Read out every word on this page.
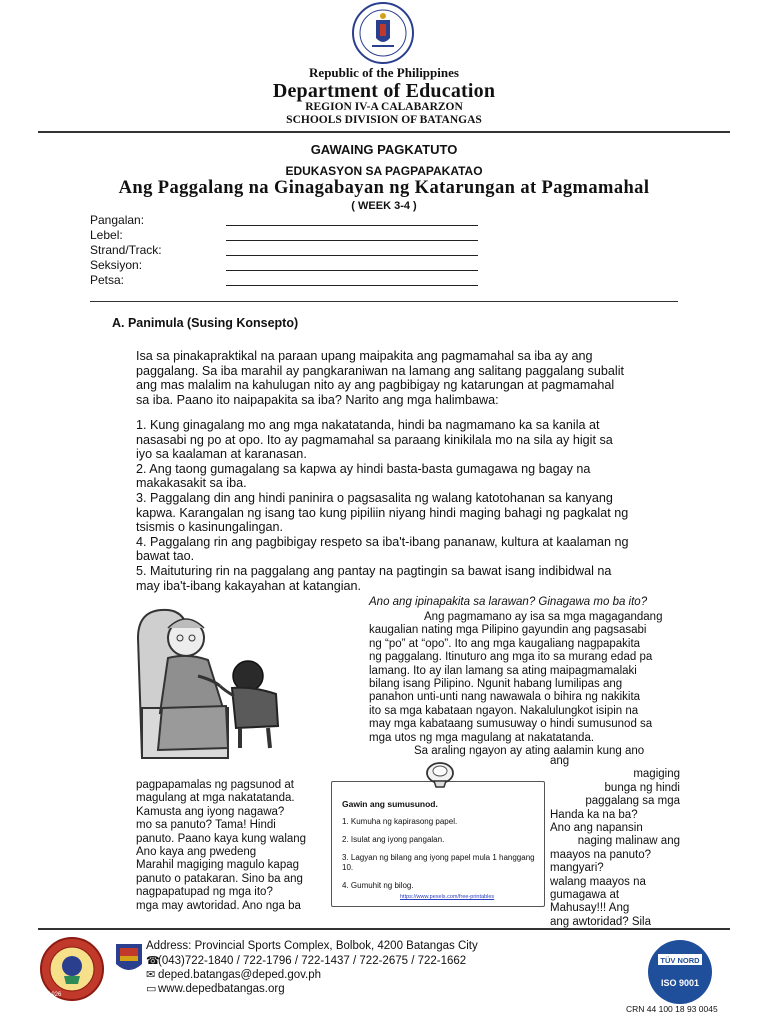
Republic of the Philippines
Department of Education
REGION IV-A CALABARZON
SCHOOLS DIVISION OF BATANGAS
GAWAING PAGKATUTO
EDUKASYON SA PAGPAPAKATAO
Ang Paggalang na Ginagabayan ng Katarungan at Pagmamahal
( WEEK 3-4 )
Pangalan:
Lebel:
Strand/Track:
Seksiyon:
Petsa:
A. Panimula (Susing Konsepto)

Isa sa pinakapraktikal na paraan upang maipakita ang pagmamahal sa iba ay ang

paggalang. Sa iba marahil ay pangkaraniwan na lamang ang salitang paggalang subalit

ang mas malalim na kahulugan nito ay ang pagbibigay ng katarungan at pagmamahal

sa iba. Paano ito naipapakita sa iba? Narito ang mga halimbawa:

1. Kung ginagalang mo ang mga nakatatanda, hindi ba nagmamano ka sa kanila at

nasasabi ng po at opo. Ito ay pagmamahal sa paraang kinikilala mo na sila ay higit sa

iyo sa kaalaman at karanasan.

2. Ang taong gumagalang sa kapwa ay hindi basta-basta gumagawa ng bagay na

makakasakit sa iba.

3. Paggalang din ang hindi paninira o pagsasalita ng walang katotohanan sa kanyang

kapwa. Karangalan ng isang tao kung pipiliin niyang hindi maging bahagi ng pagkalat ng

tsismis o kasinungalingan.

4. Paggalang rin ang pagbibigay respeto sa iba't-ibang pananaw, kultura at kaalaman ng

bawat tao.

5. Maituturing rin na paggalang ang pantay na pagtingin sa bawat isang indibidwal na

may iba't-ibang kakayahan at katangian.

Ano ang ipinapakita sa larawan? Ginagawa mo ba ito?

Ang pagmamano ay isa sa mga magagandang

kaugalian nating mga Pilipino gayundin ang pagsasabi

ng “po” at “opo”. Ito ang mga kaugaliang nagpapakita

ng paggalang. Itinuturo ang mga ito sa murang edad pa

lamang. Ito ay ilan lamang sa ating maipagmamalaki

bilang isang Pilipino. Ngunit habang lumilipas ang

panahon unti-unti nang nawawala o bihira ng nakikita

ito sa mga kabataan ngayon. Nakalulungkot isipin na

may mga kabataang sumusuway o hindi sumusunod sa

mga utos ng mga magulang at nakatatanda.

Sa araling ngayon ay ating aalamin kung ano

pagpapamalas ng pagsunod at
magulang at mga nakatatanda.
Kamusta ang iyong nagawa?
mo sa panuto? Tama! Hindi
panuto. Paano kaya kung walang
Ano kaya ang pwedeng
Marahil magiging magulo kapag
panuto o patakaran. Sino ba ang
nagpapatupad ng mga ito?
mga may awtoridad. Ano nga ba
ang
magiging
bunga ng hindi
paggalang sa mga
Handa ka na ba?
Ano ang napansin
naging malinaw ang
maayos na panuto?
mangyari?
walang maayos na
gumagawa at
Mahusay!!! Ang
ang awtoridad? Sila
Gawin ang sumusunod.
1. Kumuha ng kapirasong papel.
2. Isulat ang iyong pangalan.
3. Lagyan ng bilang ang iyong papel mula 1 hanggang 10.
4. Gumuhit ng bilog.
https://www.pexels.com/free-printables
1926
Address: Provincial Sports Complex, Bolbok, 4200 Batangas City
☎(043)722-1840 / 722-1796 / 722-1437 / 722-2675 / 722-1662
✉ deped.batangas@deped.gov.ph
▭ www.depedbatangas.org	ISO 9001
TÜV NORD
CRN 44 100 18 93 0045
